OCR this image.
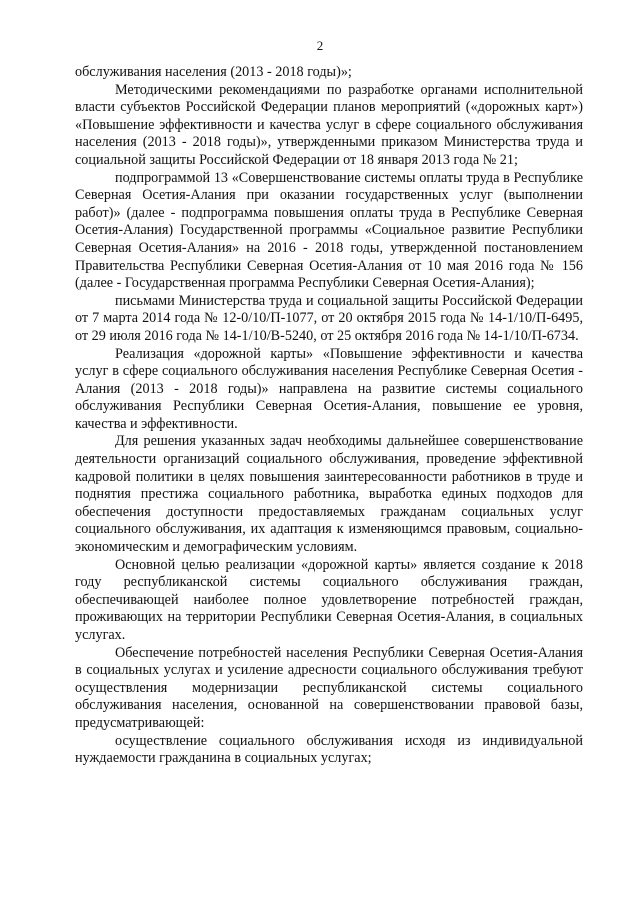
2

обслуживания населения (2013 - 2018 годы)»;

Методическими рекомендациями по разработке органами исполнительной власти субъектов Российской Федерации планов мероприятий («дорожных карт») «Повышение эффективности и качества услуг в сфере социального обслуживания населения (2013 - 2018 годы)», утвержденными приказом Министерства труда и социальной защиты Российской Федерации от 18 января 2013 года № 21;

подпрограммой 13 «Совершенствование системы оплаты труда в Республике Северная Осетия-Алания при оказании государственных услуг (выполнении работ)» (далее - подпрограмма повышения оплаты труда в Республике Северная Осетия-Алания) Государственной программы «Социальное развитие Республики Северная Осетия-Алания» на 2016 - 2018 годы, утвержденной постановлением Правительства Республики Северная Осетия-Алания от 10 мая 2016 года № 156 (далее - Государственная программа Республики Северная Осетия-Алания);

письмами Министерства труда и социальной защиты Российской Федерации от 7 марта 2014 года № 12-0/10/П-1077, от 20 октября 2015 года № 14-1/10/П-6495, от 29 июля 2016 года № 14-1/10/В-5240, от 25 октября 2016 года № 14-1/10/П-6734.

Реализация «дорожной карты» «Повышение эффективности и качества услуг в сфере социального обслуживания населения Республике Северная Осетия - Алания (2013 - 2018 годы)» направлена на развитие системы социального обслуживания Республики Северная Осетия-Алания, повышение ее уровня, качества и эффективности.

Для решения указанных задач необходимы дальнейшее совершенствование деятельности организаций социального обслуживания, проведение эффективной кадровой политики в целях повышения заинтересованности работников в труде и поднятия престижа социального работника, выработка единых подходов для обеспечения доступности предоставляемых гражданам социальных услуг социального обслуживания, их адаптация к изменяющимся правовым, социально-экономическим и демографическим условиям.

Основной целью реализации «дорожной карты» является создание к 2018 году республиканской системы социального обслуживания граждан, обеспечивающей наиболее полное удовлетворение потребностей граждан, проживающих на территории Республики Северная Осетия-Алания, в социальных услугах.

Обеспечение потребностей населения Республики Северная Осетия-Алания в социальных услугах и усиление адресности социального обслуживания требуют осуществления модернизации республиканской системы социального обслуживания населения, основанной на совершенствовании правовой базы, предусматривающей:

осуществление социального обслуживания исходя из индивидуальной нуждаемости гражданина в социальных услугах;
